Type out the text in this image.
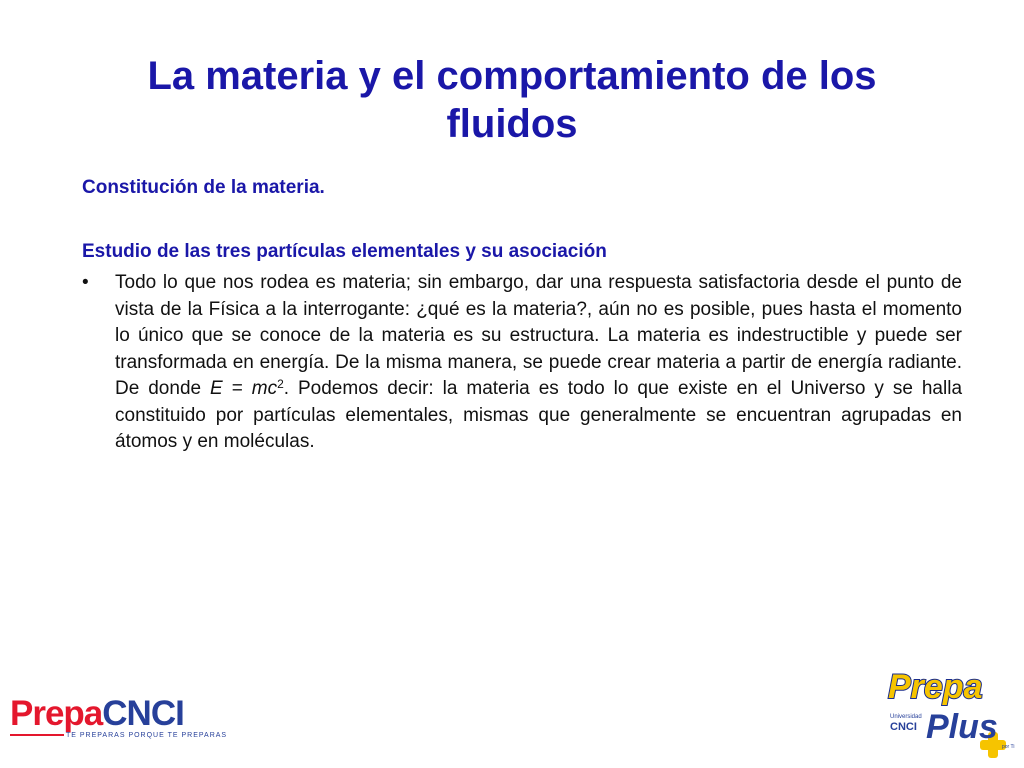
La materia y el comportamiento de los
fluidos

Constitución de la materia.

Estudio de las tres partículas elementales y su asociación

•	Todo lo que nos rodea es materia; sin embargo, dar una respuesta satisfactoria desde el punto de vista de la Física a la interrogante: ¿qué es la materia?, aún no es posible, pues hasta el momento lo único que se conoce de la materia es su estructura. La materia es indestructible y puede ser transformada en energía. De la misma manera, se puede crear materia a partir de energía radiante. De donde $E = mc^2$. Podemos decir: la materia es todo lo que existe en el Universo y se halla constituido por partículas elementales, mismas que generalmente se encuentran agrupadas en átomos y en moléculas.

PrepaCNCI
TE PREPARAS PORQUE TE PREPARAS
Prepa
Plus
Universidad
CNCI
por Ti
